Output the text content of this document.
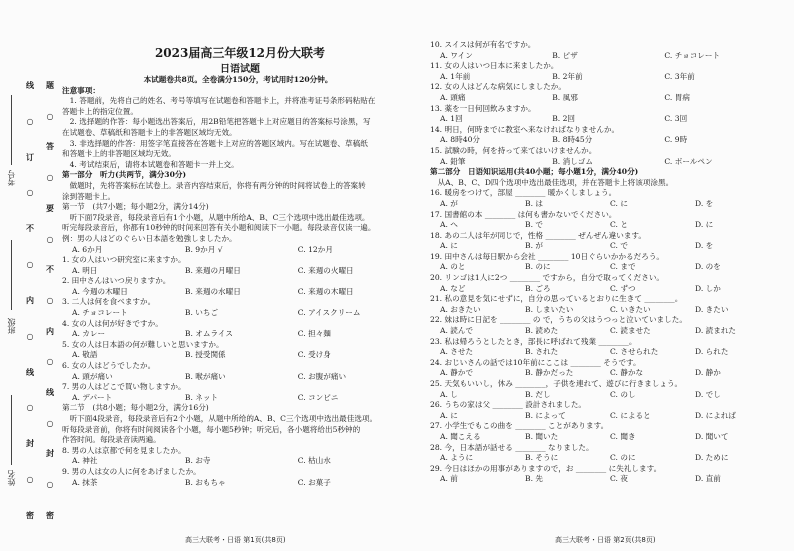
姓名
班级
考号
线
○
订
○
不
○
内
○
线
○
封
○
密
题
○
答
○
要
○
不
○
内
○
线
○
封
○
密
2023届高三年级12月份大联考
日语试题
本试题卷共8页。全卷满分150分，考试用时120分钟。
注意事项：
　1. 答题前，先将自己的姓名、考号等填写在试题卷和答题卡上，并将准考证号条形码粘贴在
答题卡上的指定位置。
　2. 选择题的作答：每小题选出答案后，用2B铅笔把答题卡上对应题目的答案标号涂黑，写
在试题卷、草稿纸和答题卡上的非答题区域均无效。
　3. 非选择题的作答：用签字笔直接答在答题卡上对应的答题区域内。写在试题卷、草稿纸
和答题卡上的非答题区域均无效。
　4. 考试结束后，请将本试题卷和答题卡一并上交。
第一部分　听力(共两节，满分30分)
　做题时，先将答案标在试卷上。录音内容结束后，你将有两分钟的时间将试卷上的答案转
涂到答题卡上。
第一节　(共7小题；每小题2分，满分14分)
　听下面7段录音，每段录音后有1个小题，从题中所给A、B、C三个选项中选出最佳选项。
听完每段录音后，你都有10秒钟的时间来回答有关小题和阅读下一小题。每段录音仅读一遍。
例：男の人はどのぐらい日本語を勉強しましたか。
A. 6か月	B. 9か月 √	C. 12か月
1. 女の人はいつ研究室に来ますか。
A. 明日	B. 来週の月曜日	C. 来週の火曜日
2. 田中さんはいつ戻りますか。
A. 今週の木曜日	B. 来週の水曜日	C. 来週の木曜日
3. 二人は何を食べますか。
A. チョコレート	B. いちご	C. アイスクリーム
4. 女の人は何が好きですか。
A. カレー	B. オムライス	C. 担々麺
5. 女の人は日本語の何が難しいと思いますか。
A. 敬語	B. 授受関係	C. 受け身
6. 女の人はどうでしたか。
A. 頭が痛い	B. 喉が痛い	C. お腹が痛い
7. 男の人はどこで買い物しますか。
A. デパート	B. ネット	C. コンビニ
第二节　(共8小题；每小题2分，满分16分)
　听下面4段录音，每段录音后有2个小题，从题中所给的A、B、C三个选项中选出最佳选项。
听每段录音前，你将有时间阅读各个小题，每小题5秒钟；听完后，各小题将给出5秒钟的
作答时间。每段录音读两遍。
8. 男の人は京都で何を見ましたか。
A. 神社	B. お寺	C. 枯山水
9. 男の人は女の人に何をあげましたか。
A. 抹茶	B. おもちゃ	C. お菓子
10. スイスは何が有名ですか。
A. ワイン	B. ピザ	C. チョコレート
11. 女の人はいつ日本に来ましたか。
A. 1年前	B. 2年前	C. 3年前
12. 女の人はどんな病気にしましたか。
A. 頭痛	B. 風邪	C. 胃病
13. 薬を一日何回飲みますか。
A. 1回	B. 2回	C. 3回
14. 明日，何時までに教室へ来なければなりませんか。
A. 8時40分	B. 8時45分	C. 9時
15. 試験の時，何を持って来てはいけませんか。
A. 鉛筆	B. 消しゴム	C. ボールペン
第二部分　日语知识运用(共40小题；每小题1分，满分40分)
　从A、B、C、D四个选项中选出最佳选项，并在答题卡上将该项涂黑。
16. 暖房をつけて，部屋 ________ 暖かくしましょう。
A. が	B. は	C. に	D. を
17. 国書館の本 ________ は何も書かないでください。
A. へ	B. で	C. と	D. に
18. あの二人は年が同じで，性格 ________ ぜんぜん違います。
A. に	B. が	C. で	D. を
19. 田中さんは毎日駅から会社 ________ 10日ぐらいかかるだろう。
A. のと	B. のに	C. まで	D. のを
20. リンゴは1人に2つ ________ ですから，自分で取ってください。
A. など	B. ごろ	C. ずつ	D. しか
21. 私の意見を気にせずに，自分の思っているとおりに生きて ________。
A. おきたい	B. しまいたい	C. いきたい	D. きたい
22. 妹は時に日記を ________ の で，うちの父はうつっと泣いていました。
A. 読んで	B. 読めた	C. 読ませた	D. 読まれた
23. 私は帰ろうとしたとき，部長に呼ばれて残業 ________。
A. させた	B. された	C. させられた	D. られた
24. おじいさんの話では10年前にここは ________ そうです。
A. 静かで	B. 静かだった	C. 静かな	D. 静か
25. 天気もいいし，休み ________，子供を連れて、遊びに行きましょう。
A. し	B. だし	C. のし	D. でし
26. うちの家は父 ________ 設計されました。
A. に	B. によって	C. によると	D. によれば
27. 小学生でもこの曲を ________ ことがあります。
A. 聞こえる	B. 聞いた	C. 聞き	D. 聞いて
28. 今，日本語が話せる ________ なりました。
A. ように	B. そうに	C. のに	D. ために
29. 今日はほかの用事がありますので，お ________ に失礼します。
A. 前	B. 先	C. 夜	D. 直前
高三大联考・日语 第1页(共8页)	高三大联考・日语 第2页(共8页)
